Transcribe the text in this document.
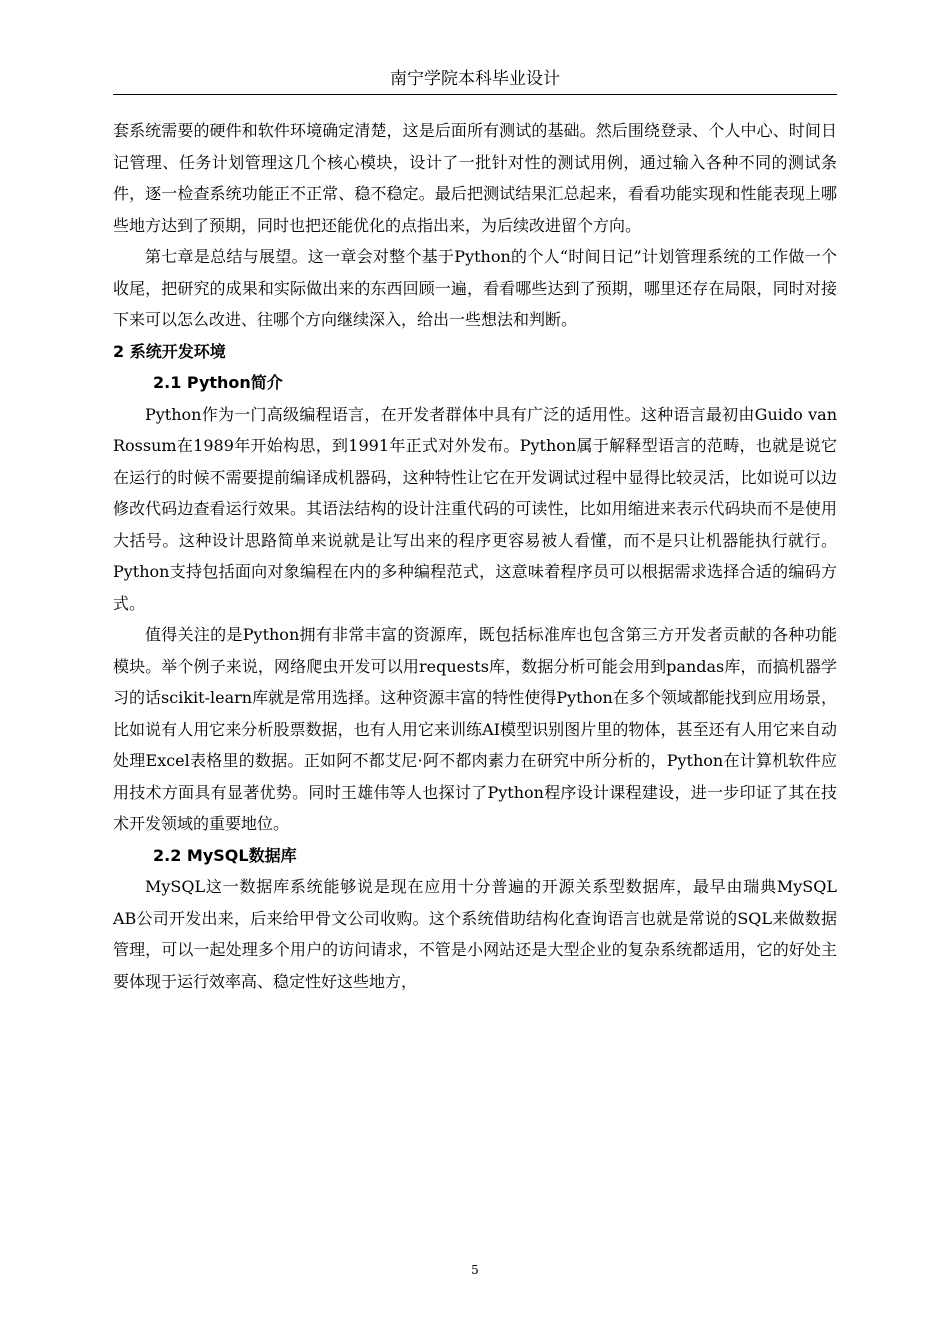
南宁学院本科毕业设计

套系统需要的硬件和软件环境确定清楚，这是后面所有测试的基础。然后围绕登录、个人中心、时间日记管理、任务计划管理这几个核心模块，设计了一批针对性的测试用例，通过输入各种不同的测试条件，逐一检查系统功能正不正常、稳不稳定。最后把测试结果汇总起来，看看功能实现和性能表现上哪些地方达到了预期，同时也把还能优化的点指出来，为后续改进留个方向。

第七章是总结与展望。这一章会对整个基于Python的个人“时间日记”计划管理系统的工作做一个收尾，把研究的成果和实际做出来的东西回顾一遍，看看哪些达到了预期，哪里还存在局限，同时对接下来可以怎么改进、往哪个方向继续深入，给出一些想法和判断。

2 系统开发环境

2.1 Python简介

Python作为一门高级编程语言，在开发者群体中具有广泛的适用性。这种语言最初由Guido van Rossum在1989年开始构思，到1991年正式对外发布。Python属于解释型语言的范畴，也就是说它在运行的时候不需要提前编译成机器码，这种特性让它在开发调试过程中显得比较灵活，比如说可以边修改代码边查看运行效果。其语法结构的设计注重代码的可读性，比如用缩进来表示代码块而不是使用大括号。这种设计思路简单来说就是让写出来的程序更容易被人看懂，而不是只让机器能执行就行。Python支持包括面向对象编程在内的多种编程范式，这意味着程序员可以根据需求选择合适的编码方式。

值得关注的是Python拥有非常丰富的资源库，既包括标准库也包含第三方开发者贡献的各种功能模块。举个例子来说，网络爬虫开发可以用requests库，数据分析可能会用到pandas库，而搞机器学习的话scikit-learn库就是常用选择。这种资源丰富的特性使得Python在多个领域都能找到应用场景，比如说有人用它来分析股票数据，也有人用它来训练AI模型识别图片里的物体，甚至还有人用它来自动处理Excel表格里的数据。正如阿不都艾尼·阿不都肉素力在研究中所分析的，Python在计算机软件应用技术方面具有显著优势。同时王雄伟等人也探讨了Python程序设计课程建设，进一步印证了其在技术开发领域的重要地位。

2.2 MySQL数据库

MySQL这一数据库系统能够说是现在应用十分普遍的开源关系型数据库，最早由瑞典MySQL AB公司开发出来，后来给甲骨文公司收购。这个系统借助结构化查询语言也就是常说的SQL来做数据管理，可以一起处理多个用户的访问请求，不管是小网站还是大型企业的复杂系统都适用，它的好处主要体现于运行效率高、稳定性好这些地方，

5
